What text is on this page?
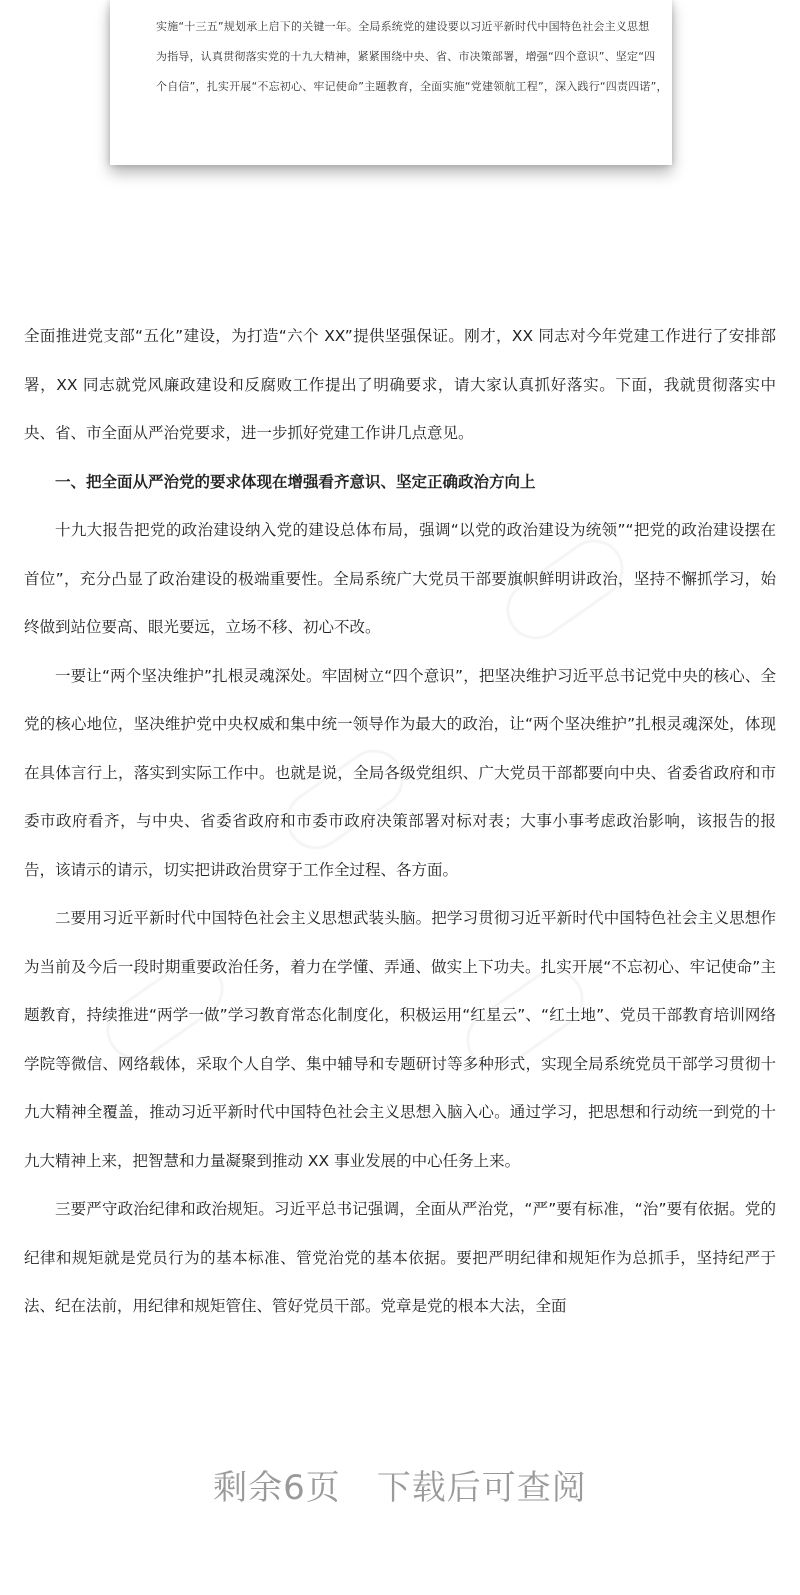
实施“十三五”规划承上启下的关键一年。全局系统党的建设要以习近平新时代中国特色社会主义思想
为指导，认真贯彻落实党的十九大精神，紧紧围绕中央、省、市决策部署，增强“四个意识”、坚定“四
个自信”，扎实开展“不忘初心、牢记使命”主题教育，全面实施“党建领航工程”，深入践行“四责四诺”，

全面推进党支部“五化”建设，为打造“六个 XX”提供坚强保证。刚才，XX 同志对今年党建工作进行了安排部署，XX 同志就党风廉政建设和反腐败工作提出了明确要求，请大家认真抓好落实。下面，我就贯彻落实中央、省、市全面从严治党要求，进一步抓好党建工作讲几点意见。

一、把全面从严治党的要求体现在增强看齐意识、坚定正确政治方向上

十九大报告把党的政治建设纳入党的建设总体布局，强调“以党的政治建设为统领”“把党的政治建设摆在首位”，充分凸显了政治建设的极端重要性。全局系统广大党员干部要旗帜鲜明讲政治，坚持不懈抓学习，始终做到站位要高、眼光要远，立场不移、初心不改。

一要让“两个坚决维护”扎根灵魂深处。牢固树立“四个意识”，把坚决维护习近平总书记党中央的核心、全党的核心地位，坚决维护党中央权威和集中统一领导作为最大的政治，让“两个坚决维护”扎根灵魂深处，体现在具体言行上，落实到实际工作中。也就是说，全局各级党组织、广大党员干部都要向中央、省委省政府和市委市政府看齐，与中央、省委省政府和市委市政府决策部署对标对表；大事小事考虑政治影响，该报告的报告，该请示的请示，切实把讲政治贯穿于工作全过程、各方面。

二要用习近平新时代中国特色社会主义思想武装头脑。把学习贯彻习近平新时代中国特色社会主义思想作为当前及今后一段时期重要政治任务，着力在学懂、弄通、做实上下功夫。扎实开展“不忘初心、牢记使命”主题教育，持续推进“两学一做”学习教育常态化制度化，积极运用“红星云”、“红土地”、党员干部教育培训网络学院等微信、网络载体，采取个人自学、集中辅导和专题研讨等多种形式，实现全局系统党员干部学习贯彻十九大精神全覆盖，推动习近平新时代中国特色社会主义思想入脑入心。通过学习，把思想和行动统一到党的十九大精神上来，把智慧和力量凝聚到推动 XX 事业发展的中心任务上来。

三要严守政治纪律和政治规矩。习近平总书记强调，全面从严治党，“严”要有标准，“治”要有依据。党的纪律和规矩就是党员行为的基本标准、管党治党的基本依据。要把严明纪律和规矩作为总抓手，坚持纪严于法、纪在法前，用纪律和规矩管住、管好党员干部。党章是党的根本大法，全面

剩余6页 下载后可查阅
